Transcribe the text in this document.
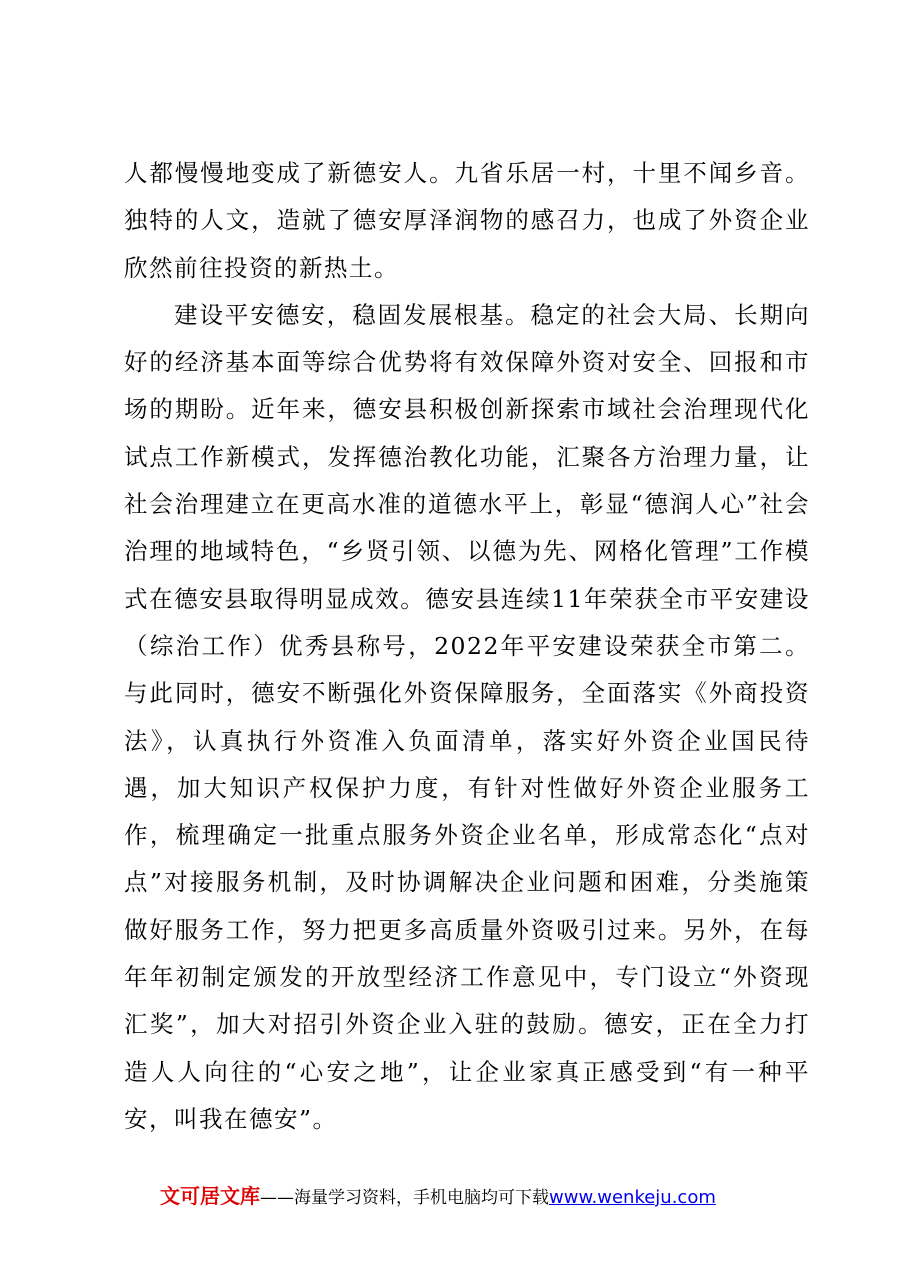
人都慢慢地变成了新德安人。九省乐居一村，十里不闻乡音。独特的人文，造就了德安厚泽润物的感召力，也成了外资企业欣然前往投资的新热土。

建设平安德安，稳固发展根基。稳定的社会大局、长期向好的经济基本面等综合优势将有效保障外资对安全、回报和市场的期盼。近年来，德安县积极创新探索市域社会治理现代化试点工作新模式，发挥德治教化功能，汇聚各方治理力量，让社会治理建立在更高水准的道德水平上，彰显“德润人心”社会治理的地域特色，“乡贤引领、以德为先、网格化管理”工作模式在德安县取得明显成效。德安县连续11年荣获全市平安建设（综治工作）优秀县称号，2022年平安建设荣获全市第二。与此同时，德安不断强化外资保障服务，全面落实《外商投资法》，认真执行外资准入负面清单，落实好外资企业国民待遇，加大知识产权保护力度，有针对性做好外资企业服务工作，梳理确定一批重点服务外资企业名单，形成常态化“点对点”对接服务机制，及时协调解决企业问题和困难，分类施策做好服务工作，努力把更多高质量外资吸引过来。另外，在每年年初制定颁发的开放型经济工作意见中，专门设立“外资现汇奖”，加大对招引外资企业入驻的鼓励。德安，正在全力打造人人向往的“心安之地”，让企业家真正感受到“有一种平安，叫我在德安”。

文可居文库——海量学习资料，手机电脑均可下载www.wenkeju.com
